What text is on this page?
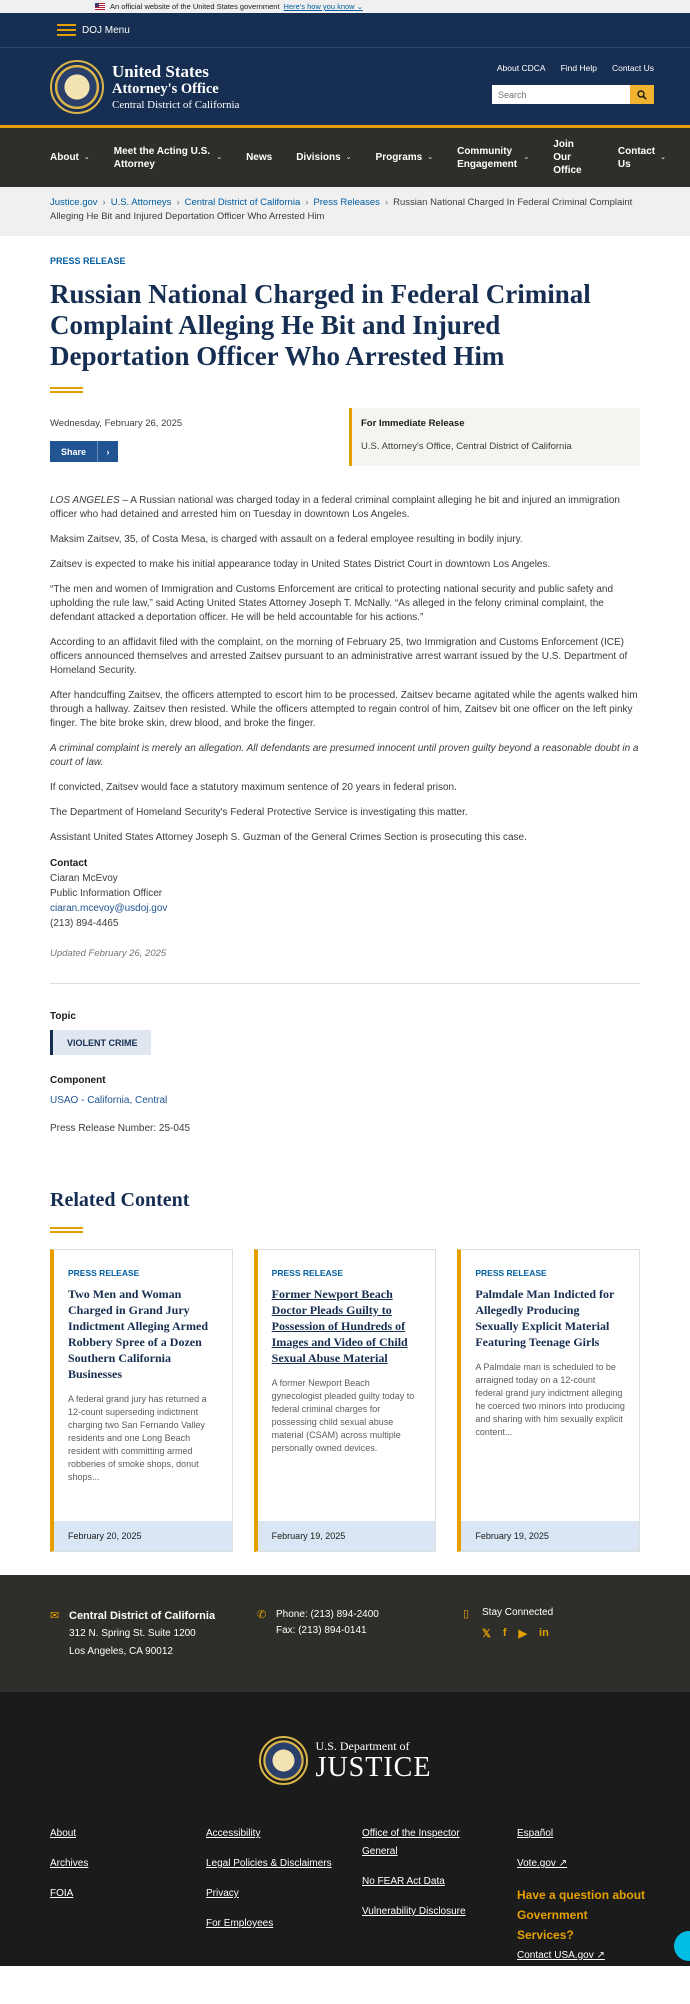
An official website of the United States government Here's how you know ⌄
DOJ Menu
United States
Attorney's Office
Central District of California
About CDCA Find Help Contact Us
Search
About ⌄
Meet the Acting U.S. Attorney
⌄ News Divisions ⌄ Programs ⌄
Community Engagement
⌄
Join Our Office
Contact Us
⌄
Justice.gov › U.S. Attorneys › Central District of California › Press Releases › Russian National Charged In Federal Criminal Complaint Alleging He Bit and Injured Deportation Officer Who Arrested Him
PRESS RELEASE
Russian National Charged in Federal Criminal Complaint Alleging He Bit and Injured Deportation Officer Who Arrested Him
Wednesday, February 26, 2025
Share	›
For Immediate Release
U.S. Attorney's Office, Central District of California

LOS ANGELES – A Russian national was charged today in a federal criminal complaint alleging he bit and injured an immigration officer who had detained and arrested him on Tuesday in downtown Los Angeles.

Maksim Zaitsev, 35, of Costa Mesa, is charged with assault on a federal employee resulting in bodily injury.

Zaitsev is expected to make his initial appearance today in United States District Court in downtown Los Angeles.

“The men and women of Immigration and Customs Enforcement are critical to protecting national security and public safety and upholding the rule law,” said Acting United States Attorney Joseph T. McNally. “As alleged in the felony criminal complaint, the defendant attacked a deportation officer. He will be held accountable for his actions.”

According to an affidavit filed with the complaint, on the morning of February 25, two Immigration and Customs Enforcement (ICE) officers announced themselves and arrested Zaitsev pursuant to an administrative arrest warrant issued by the U.S. Department of Homeland Security.

After handcuffing Zaitsev, the officers attempted to escort him to be processed. Zaitsev became agitated while the agents walked him through a hallway. Zaitsev then resisted. While the officers attempted to regain control of him, Zaitsev bit one officer on the left pinky finger. The bite broke skin, drew blood, and broke the finger.

A criminal complaint is merely an allegation. All defendants are presumed innocent until proven guilty beyond a reasonable doubt in a court of law.

If convicted, Zaitsev would face a statutory maximum sentence of 20 years in federal prison.

The Department of Homeland Security's Federal Protective Service is investigating this matter.

Assistant United States Attorney Joseph S. Guzman of the General Crimes Section is prosecuting this case.

Contact
Ciaran McEvoy
Public Information Officer
ciaran.mcevoy@usdoj.gov
(213) 894-4465
Updated February 26, 2025
Topic
VIOLENT CRIME
Component
USAO - California, Central
Press Release Number: 25-045
Related Content
PRESS RELEASE
Two Men and Woman Charged in Grand Jury Indictment Alleging Armed Robbery Spree of a Dozen Southern California Businesses
A federal grand jury has returned a 12-count superseding indictment charging two San Fernando Valley residents and one Long Beach resident with committing armed robberies of smoke shops, donut shops...
February 20, 2025
PRESS RELEASE
Former Newport Beach Doctor Pleads Guilty to Possession of Hundreds of Images and Video of Child Sexual Abuse Material
A former Newport Beach gynecologist pleaded guilty today to federal criminal charges for possessing child sexual abuse material (CSAM) across multiple personally owned devices.
February 19, 2025
PRESS RELEASE
Palmdale Man Indicted for Allegedly Producing Sexually Explicit Material Featuring Teenage Girls
A Palmdale man is scheduled to be arraigned today on a 12-count federal grand jury indictment alleging he coerced two minors into producing and sharing with him sexually explicit content...
February 19, 2025
✉ Central District of California
312 N. Spring St. Suite 1200
Los Angeles, CA 90012
✆ Phone: (213) 894-2400
Fax: (213) 894-0141
▯	Stay Connected
𝕏 f ▶ in
U.S. Department of
JUSTICE
About
Archives
FOIA
Accessibility
Legal Policies & Disclaimers
Privacy
For Employees
Office of the Inspector General
No FEAR Act Data
Vulnerability Disclosure
Español
Vote.gov ↗
Have a question about Government Services?
Contact USA.gov ↗
